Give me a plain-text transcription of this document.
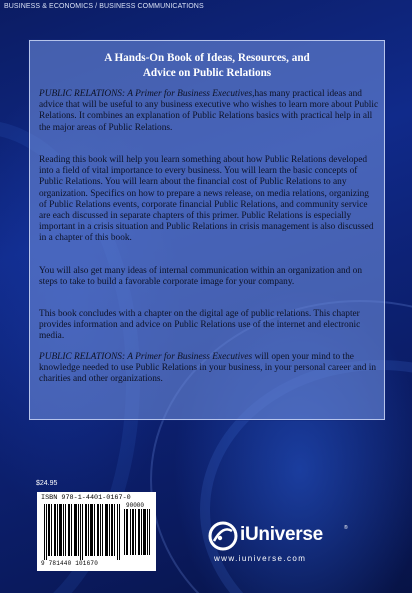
BUSINESS & ECONOMICS / BUSINESS COMMUNICATIONS
A Hands-On Book of Ideas, Resources, and
Advice on Public Relations

PUBLIC RELATIONS: A Primer for Business Executives,has many practical ideas and advice that will be useful to any business executive who wishes to learn more about Public Relations. It combines an explanation of Public Relations basics with practical help in all the major areas of Public Relations.

Reading this book will help you learn something about how Public Relations developed into a field of vital importance to every business. You will learn the basic concepts of Public Relations. You will learn about the financial cost of Public Relations to any organization. Specifics on how to prepare a news release, on media relations, organizing of Public Relations events, corporate financial Public Relations, and community service are each discussed in separate chapters of this primer. Public Relations is especially important in a crisis situation and Public Relations in crisis management is also discussed in a chapter of this book.

You will also get many ideas of internal communication within an organization and on steps to take to build a favorable corporate image for your company.

This book concludes with a chapter on the digital age of public relations. This chapter provides information and advice on Public Relations use of the internet and electronic media.

PUBLIC RELATIONS: A Primer for Business Executives will open your mind to the knowledge needed to use Public Relations in your business, in your personal career and in charities and other organizations.

$24.95
ISBN 978-1-4401-0167-0
90000
9 781440 101670
iUniverse	®
www.iuniverse.com
